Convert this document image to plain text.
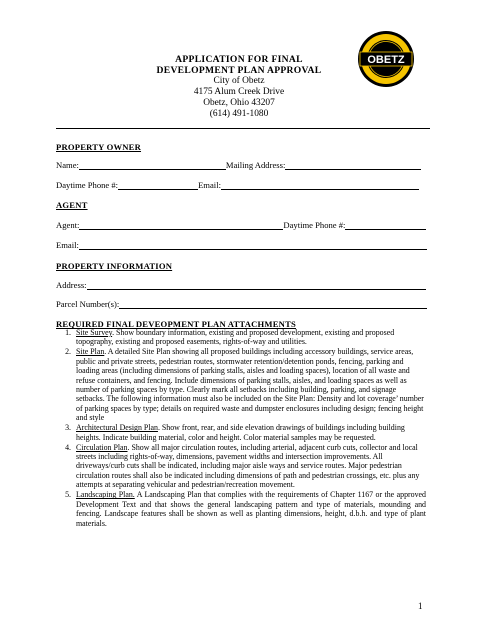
APPLICATION FOR FINAL
DEVELOPMENT PLAN APPROVAL
City of Obetz
4175 Alum Creek Drive
Obetz, Ohio 43207
(614) 491-1080
OBETZ
PROPERTY OWNER
Name:	Mailing Address:
Daytime Phone #:	Email:
AGENT
Agent:	Daytime Phone #:
Email:
PROPERTY INFORMATION
Address:
Parcel Number(s):
REQUIRED FINAL DEVEOPMENT PLAN ATTACHMENTS
1. Site Survey. Show boundary information, existing and proposed development, existing and proposed topography, existing and proposed easements, rights-of-way and utilities.
2. Site Plan. A detailed Site Plan showing all proposed buildings including accessory buildings, service areas, public and private streets, pedestrian routes, stormwater retention/detention ponds, fencing, parking and loading areas (including dimensions of parking stalls, aisles and loading spaces), location of all waste and refuse containers, and fencing. Include dimensions of parking stalls, aisles, and loading spaces as well as number of parking spaces by type. Clearly mark all setbacks including building, parking, and signage setbacks. The following information must also be included on the Site Plan: Density and lot coverage’ number of parking spaces by type; details on required waste and dumpster enclosures including design; fencing height and style
3. Architectural Design Plan. Show front, rear, and side elevation drawings of buildings including building heights. Indicate building material, color and height. Color material samples may be requested.
4. Circulation Plan. Show all major circulation routes, including arterial, adjacent curb cuts, collector and local streets including rights-of-way, dimensions, pavement widths and intersection improvements. All driveways/curb cuts shall be indicated, including major aisle ways and service routes. Major pedestrian circulation routes shall also be indicated including dimensions of path and pedestrian crossings, etc. plus any attempts at separating vehicular and pedestrian/recreation movement.
5. Landscaping Plan. A Landscaping Plan that complies with the requirements of Chapter 1167 or the approved Development Text and that shows the general landscaping pattern and type of materials, mounding and fencing. Landscape features shall be shown as well as planting dimensions, height, d.b.h. and type of plant materials.
1
